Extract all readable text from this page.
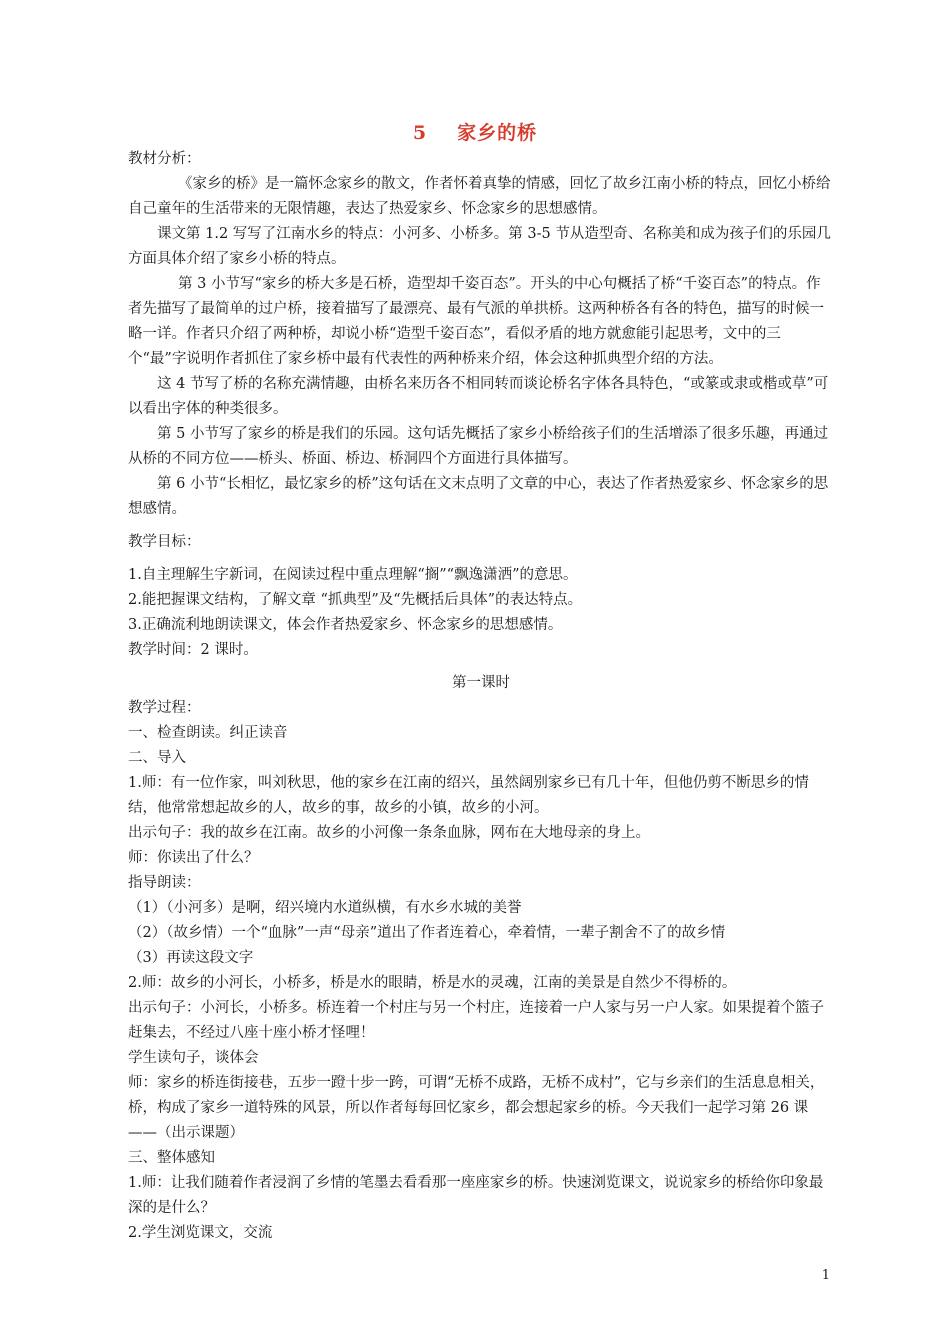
5 家乡的桥

教材分析：

《家乡的桥》是一篇怀念家乡的散文，作者怀着真挚的情感，回忆了故乡江南小桥的特点，回忆小桥给自己童年的生活带来的无限情趣，表达了热爱家乡、怀念家乡的思想感情。

课文第 1.2 写写了江南水乡的特点：小河多、小桥多。第 3-5 节从造型奇、名称美和成为孩子们的乐园几方面具体介绍了家乡小桥的特点。

第 3 小节写“家乡的桥大多是石桥，造型却千姿百态”。开头的中心句概括了桥“千姿百态”的特点。作者先描写了最简单的过户桥，接着描写了最漂亮、最有气派的单拱桥。这两种桥各有各的特色，描写的时候一略一详。作者只介绍了两种桥，却说小桥“造型千姿百态”，看似矛盾的地方就愈能引起思考，文中的三个“最”字说明作者抓住了家乡桥中最有代表性的两种桥来介绍，体会这种抓典型介绍的方法。

这 4 节写了桥的名称充满情趣，由桥名来历各不相同转而谈论桥名字体各具特色，“或篆或隶或楷或草”可以看出字体的种类很多。

第 5 小节写了家乡的桥是我们的乐园。这句话先概括了家乡小桥给孩子们的生活增添了很多乐趣，再通过从桥的不同方位——桥头、桥面、桥边、桥洞四个方面进行具体描写。

第 6 小节“长相忆，最忆家乡的桥”这句话在文末点明了文章的中心，表达了作者热爱家乡、怀念家乡的思想感情。

教学目标：

1.自主理解生字新词，在阅读过程中重点理解“搁”“飘逸潇洒”的意思。

2.能把握课文结构，了解文章 “抓典型”及“先概括后具体”的表达特点。

3.正确流利地朗读课文，体会作者热爱家乡、怀念家乡的思想感情。

教学时间：2 课时。

第一课时

教学过程：

一、检查朗读。纠正读音

二、导入

1.师：有一位作家，叫刘秋思，他的家乡在江南的绍兴，虽然阔别家乡已有几十年，但他仍剪不断思乡的情结，他常常想起故乡的人，故乡的事，故乡的小镇，故乡的小河。

出示句子：我的故乡在江南。故乡的小河像一条条血脉，网布在大地母亲的身上。

师：你读出了什么？

指导朗读：

（1）（小河多）是啊，绍兴境内水道纵横，有水乡水城的美誉

（2）（故乡情）一个“血脉”一声“母亲”道出了作者连着心，牵着情，一辈子割舍不了的故乡情

（3）再读这段文字

2.师：故乡的小河长，小桥多，桥是水的眼睛，桥是水的灵魂，江南的美景是自然少不得桥的。

出示句子：小河长，小桥多。桥连着一个村庄与另一个村庄，连接着一户人家与另一户人家。如果提着个篮子赶集去，不经过八座十座小桥才怪哩！

学生读句子，谈体会

师：家乡的桥连街接巷，五步一蹬十步一跨，可谓“无桥不成路，无桥不成村”，它与乡亲们的生活息息相关，桥，构成了家乡一道特殊的风景，所以作者每每回忆家乡，都会想起家乡的桥。今天我们一起学习第 26 课——（出示课题）

三、整体感知

1.师：让我们随着作者浸润了乡情的笔墨去看看那一座座家乡的桥。快速浏览课文，说说家乡的桥给你印象最深的是什么？

2.学生浏览课文，交流

1
